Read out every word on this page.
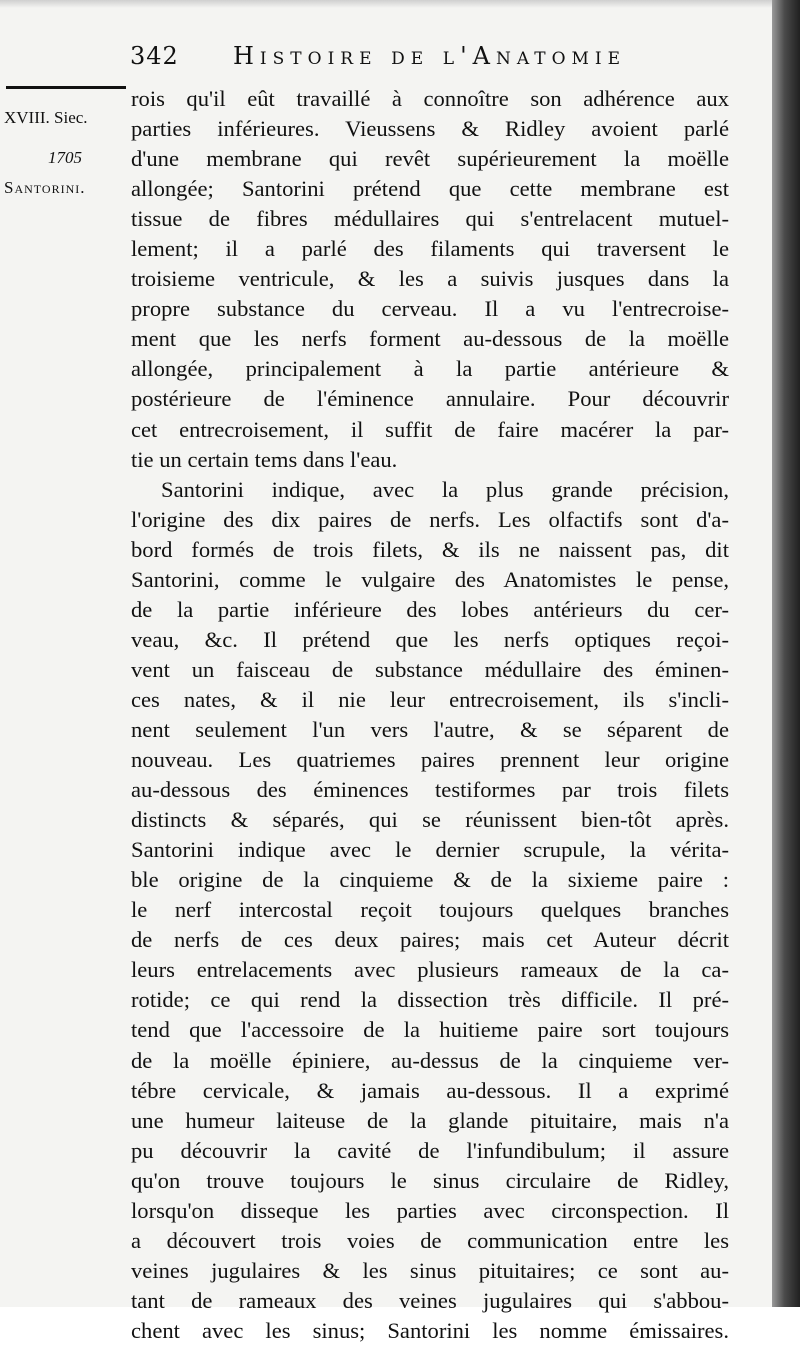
342 Histoire de l'Anatomie
XVIII. Siec.
1705
Santorini.
rois qu'il eût travaillé à connoître son adhérence aux
parties inférieures. Vieussens & Ridley avoient parlé
d'une membrane qui revêt supérieurement la moëlle
allongée; Santorini prétend que cette membrane est
tissue de fibres médullaires qui s'entrelacent mutuel-
lement; il a parlé des filaments qui traversent le
troisieme ventricule, & les a suivis jusques dans la
propre substance du cerveau. Il a vu l'entrecroise-
ment que les nerfs forment au-dessous de la moëlle
allongée, principalement à la partie antérieure &
postérieure de l'éminence annulaire. Pour découvrir
cet entrecroisement, il suffit de faire macérer la par-
tie un certain tems dans l'eau.
Santorini indique, avec la plus grande précision,
l'origine des dix paires de nerfs. Les olfactifs sont d'a-
bord formés de trois filets, & ils ne naissent pas, dit
Santorini, comme le vulgaire des Anatomistes le pense,
de la partie inférieure des lobes antérieurs du cer-
veau, &c. Il prétend que les nerfs optiques reçoi-
vent un faisceau de substance médullaire des éminen-
ces nates, & il nie leur entrecroisement, ils s'incli-
nent seulement l'un vers l'autre, & se séparent de
nouveau. Les quatriemes paires prennent leur origine
au-dessous des éminences testiformes par trois filets
distincts & séparés, qui se réunissent bien-tôt après.
Santorini indique avec le dernier scrupule, la vérita-
ble origine de la cinquieme & de la sixieme paire :
le nerf intercostal reçoit toujours quelques branches
de nerfs de ces deux paires; mais cet Auteur décrit
leurs entrelacements avec plusieurs rameaux de la ca-
rotide; ce qui rend la dissection très difficile. Il pré-
tend que l'accessoire de la huitieme paire sort toujours
de la moëlle épiniere, au-dessus de la cinquieme ver-
tébre cervicale, & jamais au-dessous. Il a exprimé
une humeur laiteuse de la glande pituitaire, mais n'a
pu découvrir la cavité de l'infundibulum; il assure
qu'on trouve toujours le sinus circulaire de Ridley,
lorsqu'on disseque les parties avec circonspection. Il
a découvert trois voies de communication entre les
veines jugulaires & les sinus pituitaires; ce sont au-
tant de rameaux des veines jugulaires qui s'abbou-
chent avec les sinus; Santorini les nomme émissaires.
